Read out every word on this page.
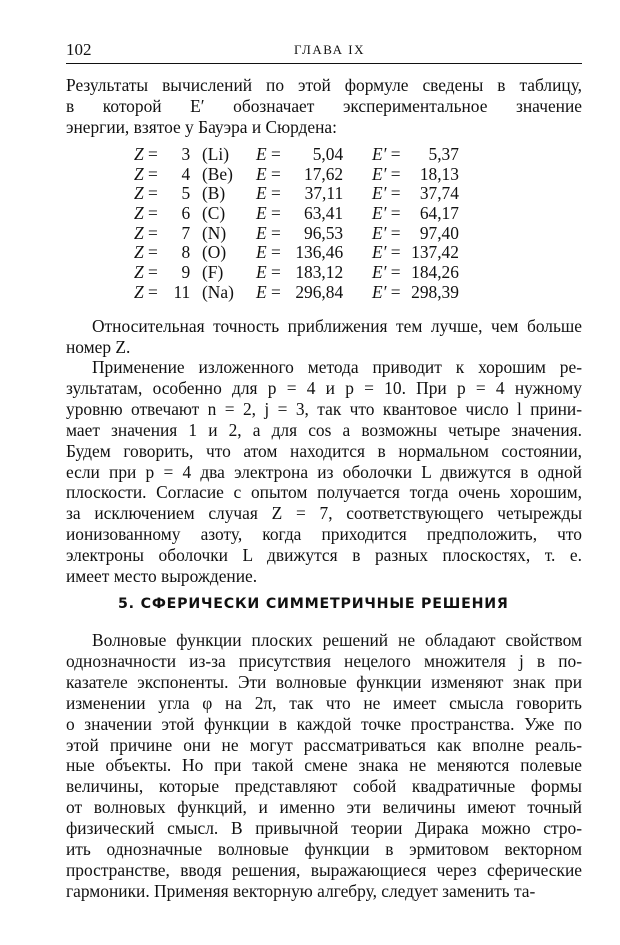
102	ГЛАВА IX

Результаты вычислений по этой формуле сведены в таблицу,

в которой E′ обозначает экспериментальное значение

энергии, взятое у Бауэра и Сюрдена:

Z = 3 (Li)	E = 5,04 E′ = 5,37
Z = 4 (Be)	E = 17,62 E′ = 18,13
Z = 5 (B)	E = 37,11 E′ = 37,74
Z = 6 (C)	E = 63,41 E′ = 64,17
Z = 7 (N)	E = 96,53 E′ = 97,40
Z = 8 (O)	E = 136,46 E′ = 137,42
Z = 9 (F)	E = 183,12 E′ = 184,26
Z = 11 (Na)	E = 296,84 E′ = 298,39

Относительная точность приближения тем лучше, чем больше

номер Z.

Применение изложенного метода приводит к хорошим ре-

зультатам, особенно для p = 4 и p = 10. При p = 4 нужному

уровню отвечают n = 2, j = 3, так что квантовое число l прини-

мает значения 1 и 2, а для cos a возможны четыре значения.

Будем говорить, что атом находится в нормальном состоянии,

если при p = 4 два электрона из оболочки L движутся в одной

плоскости. Согласие с опытом получается тогда очень хорошим,

за исключением случая Z = 7, соответствующего четырежды

ионизованному азоту, когда приходится предположить, что

электроны оболочки L движутся в разных плоскостях, т. е.

имеет место вырождение.

5. СФЕРИЧЕСКИ СИММЕТРИЧНЫЕ РЕШЕНИЯ

Волновые функции плоских решений не обладают свойством

однозначности из-за присутствия нецелого множителя j в по-

казателе экспоненты. Эти волновые функции изменяют знак при

изменении угла φ на 2π, так что не имеет смысла говорить

о значении этой функции в каждой точке пространства. Уже по

этой причине они не могут рассматриваться как вполне реаль-

ные объекты. Но при такой смене знака не меняются полевые

величины, которые представляют собой квадратичные формы

от волновых функций, и именно эти величины имеют точный

физический смысл. В привычной теории Дирака можно стро-

ить однозначные волновые функции в эрмитовом векторном

пространстве, вводя решения, выражающиеся через сферические

гармоники. Применяя векторную алгебру, следует заменить та-
